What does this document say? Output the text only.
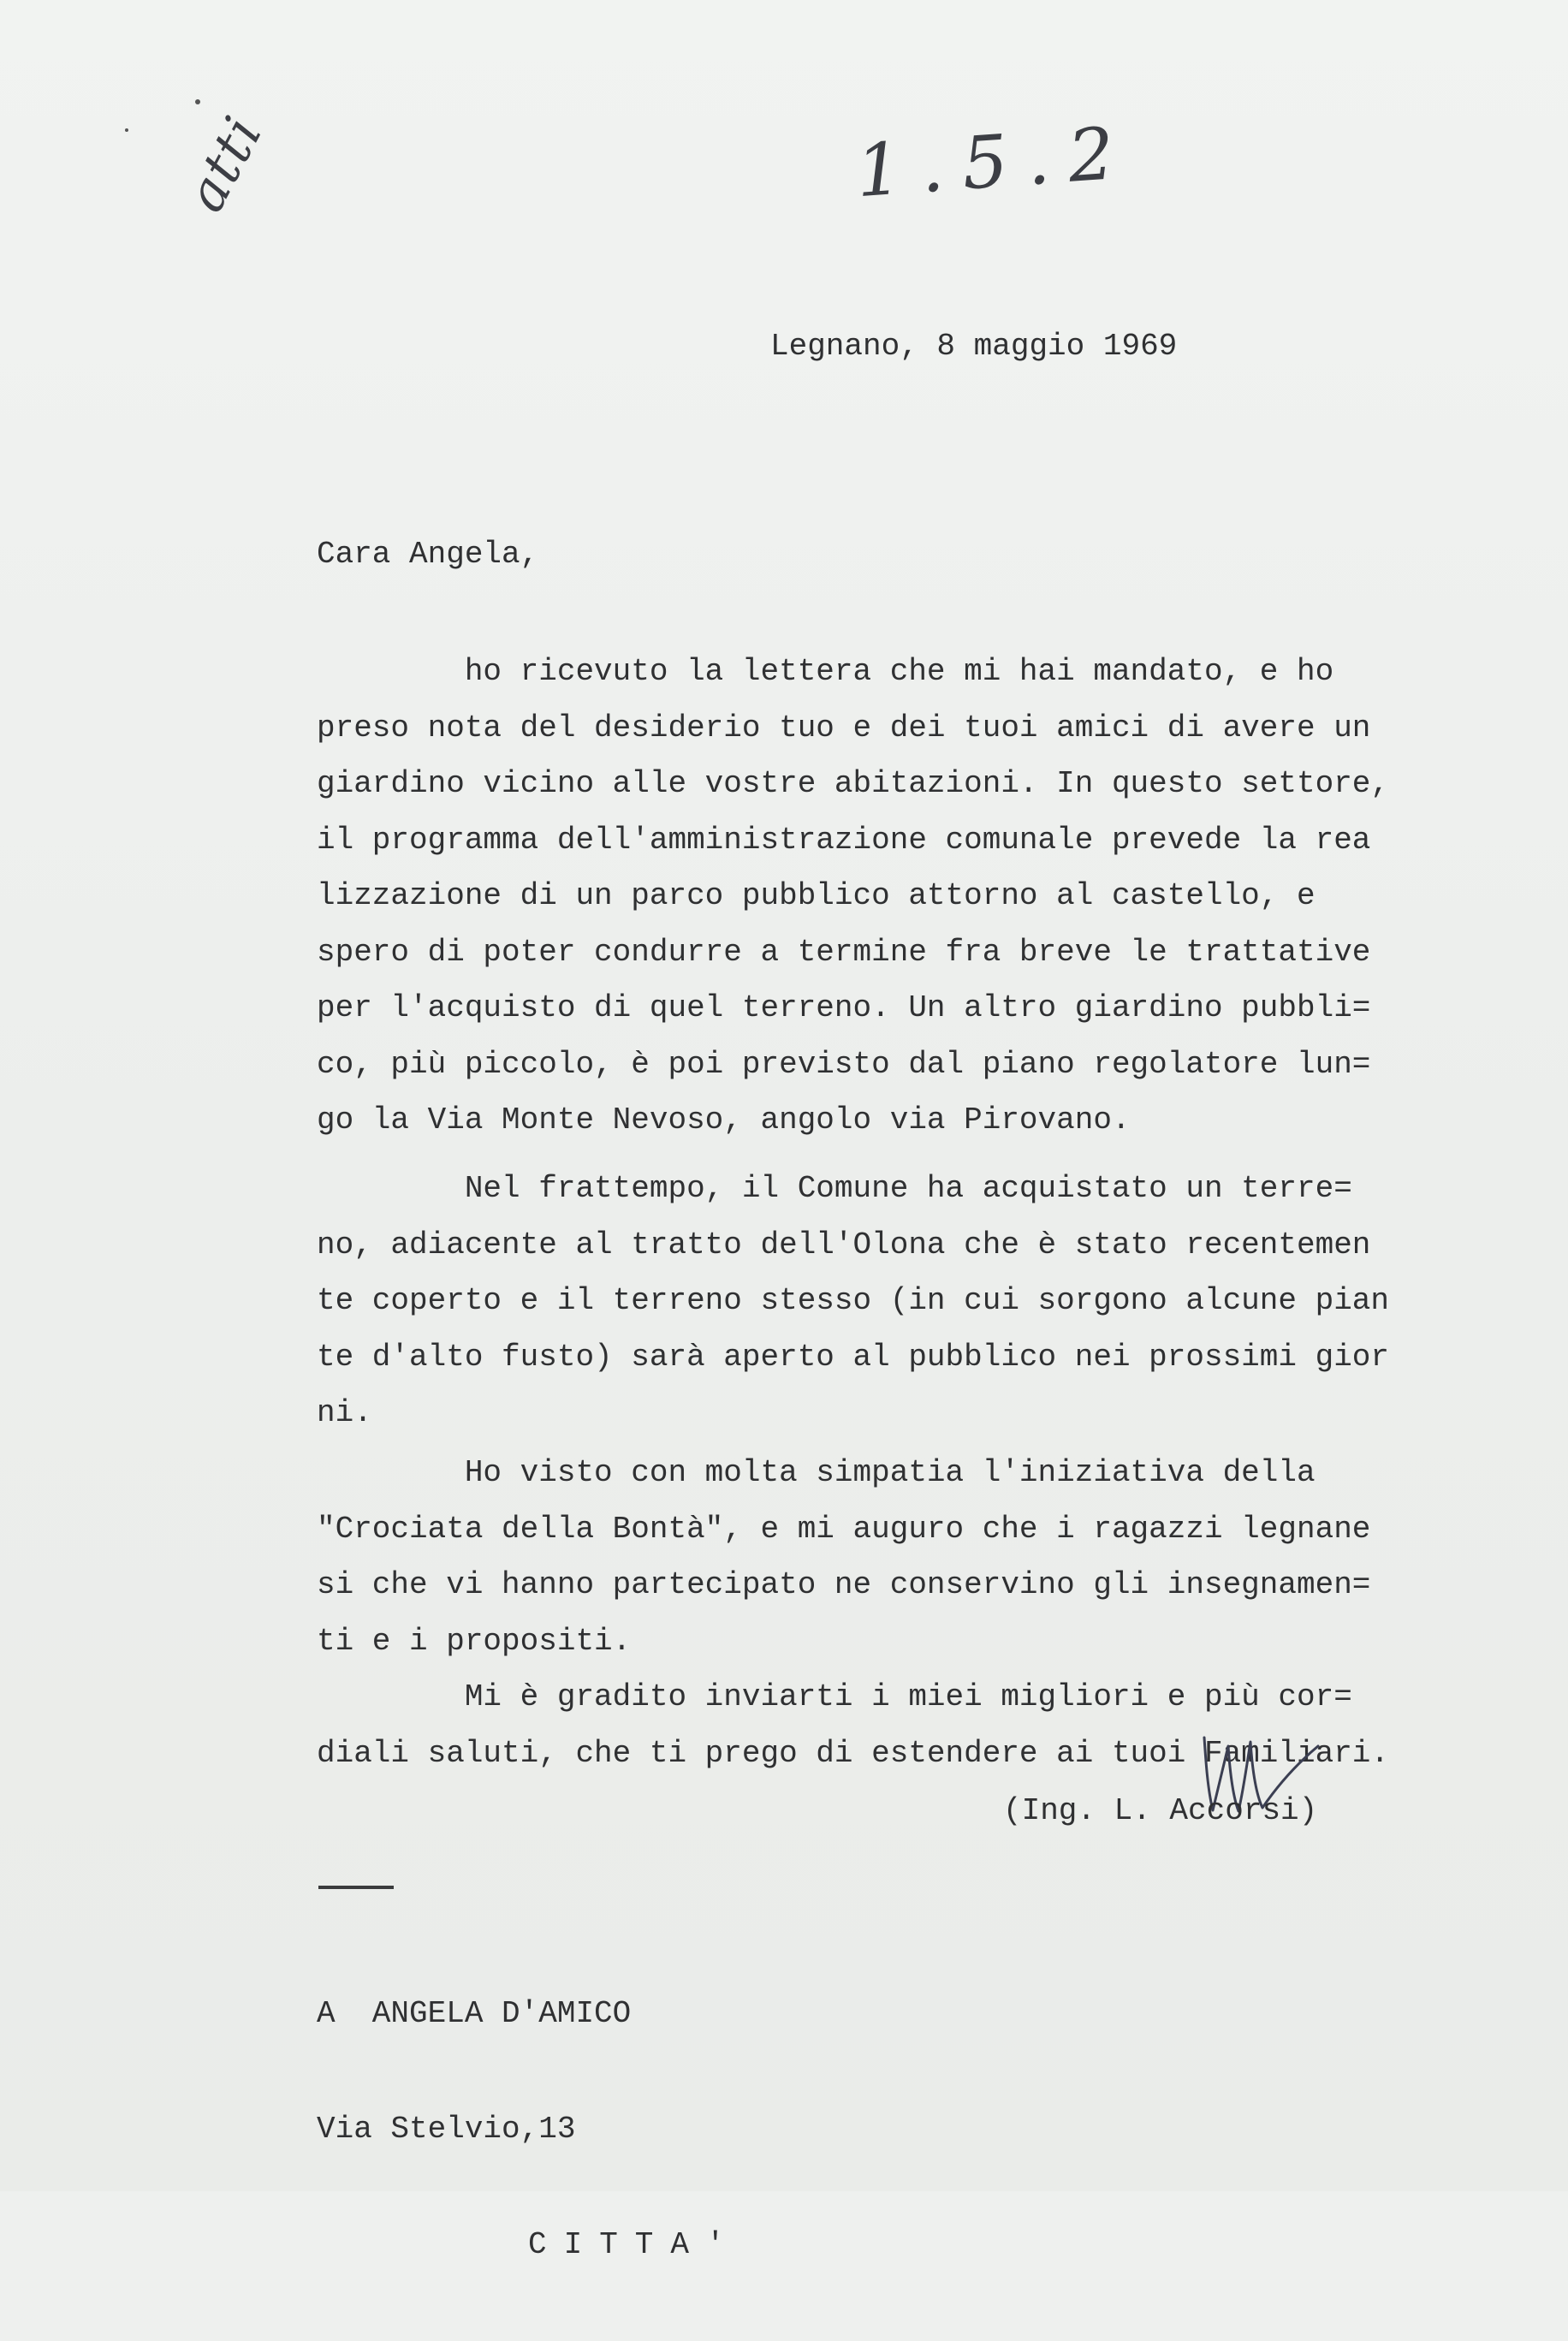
atti	1.5.2
Legnano, 8 maggio 1969
Cara Angela,
ho ricevuto la lettera che mi hai mandato, e ho
preso nota del desiderio tuo e dei tuoi amici di avere un
giardino vicino alle vostre abitazioni. In questo settore,
il programma dell'amministrazione comunale prevede la rea
lizzazione di un parco pubblico attorno al castello, e
spero di poter condurre a termine fra breve le trattative
per l'acquisto di quel terreno. Un altro giardino pubbli=
co, più piccolo, è poi previsto dal piano regolatore lun=
go la Via Monte Nevoso, angolo via Pirovano.
Nel frattempo, il Comune ha acquistato un terre=
no, adiacente al tratto dell'Olona che è stato recentemen
te coperto e il terreno stesso (in cui sorgono alcune pian
te d'alto fusto) sarà aperto al pubblico nei prossimi gior
ni.
Ho visto con molta simpatia l'iniziativa della
"Crociata della Bontà", e mi auguro che i ragazzi legnane
si che vi hanno partecipato ne conservino gli insegnamen=
ti e i propositi.
Mi è gradito inviarti i miei migliori e più cor=
diali saluti, che ti prego di estendere ai tuoi Familiari.
(Ing. L. Accorsi)

A  ANGELA D'AMICO

Via Stelvio,13

CITTA'
